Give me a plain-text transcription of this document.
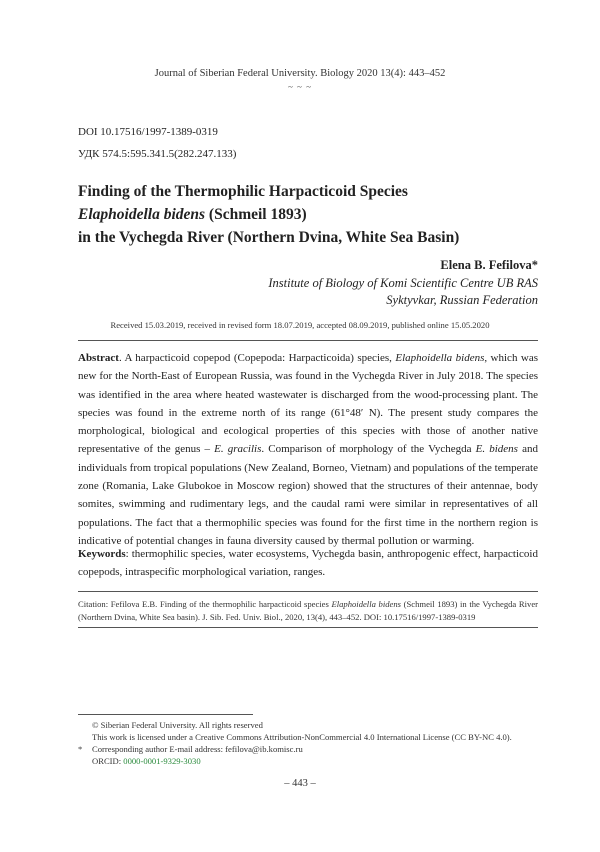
Journal of Siberian Federal University. Biology 2020 13(4): 443–452
~ ~ ~
DOI 10.17516/1997-1389-0319
УДК 574.5:595.341.5(282.247.133)
Finding of the Thermophilic Harpacticoid Species
Elaphoidella bidens (Schmeil 1893)
in the Vychegda River (Northern Dvina, White Sea Basin)
Elena B. Fefilova*
Institute of Biology of Komi Scientific Centre UB RAS
Syktyvkar, Russian Federation
Received 15.03.2019, received in revised form 18.07.2019, accepted 08.09.2019, published online 15.05.2020
Abstract. A harpacticoid copepod (Copepoda: Harpacticoida) species, Elaphoidella bidens, which was new for the North-East of European Russia, was found in the Vychegda River in July 2018. The species was identified in the area where heated wastewater is discharged from the wood-processing plant. The species was found in the extreme north of its range (61°48′ N). The present study compares the morphological, biological and ecological properties of this species with those of another native representative of the genus – E. gracilis. Comparison of morphology of the Vychegda E. bidens and individuals from tropical populations (New Zealand, Borneo, Vietnam) and populations of the temperate zone (Romania, Lake Glubokoe in Moscow region) showed that the structures of their antennae, body somites, swimming and rudimentary legs, and the caudal rami were similar in representatives of all populations. The fact that a thermophilic species was found for the first time in the northern region is indicative of potential changes in fauna diversity caused by thermal pollution or warming.
Keywords: thermophilic species, water ecosystems, Vychegda basin, anthropogenic effect, harpacticoid copepods, intraspecific morphological variation, ranges.
Citation: Fefilova E.B. Finding of the thermophilic harpacticoid species Elaphoidella bidens (Schmeil 1893) in the Vychegda River (Northern Dvina, White Sea basin). J. Sib. Fed. Univ. Biol., 2020, 13(4), 443–452. DOI: 10.17516/1997-1389-0319
© Siberian Federal University. All rights reserved
This work is licensed under a Creative Commons Attribution-NonCommercial 4.0 International License (CC BY-NC 4.0).
* Corresponding author E-mail address: fefilova@ib.komisc.ru
ORCID: 0000-0001-9329-3030
– 443 –
